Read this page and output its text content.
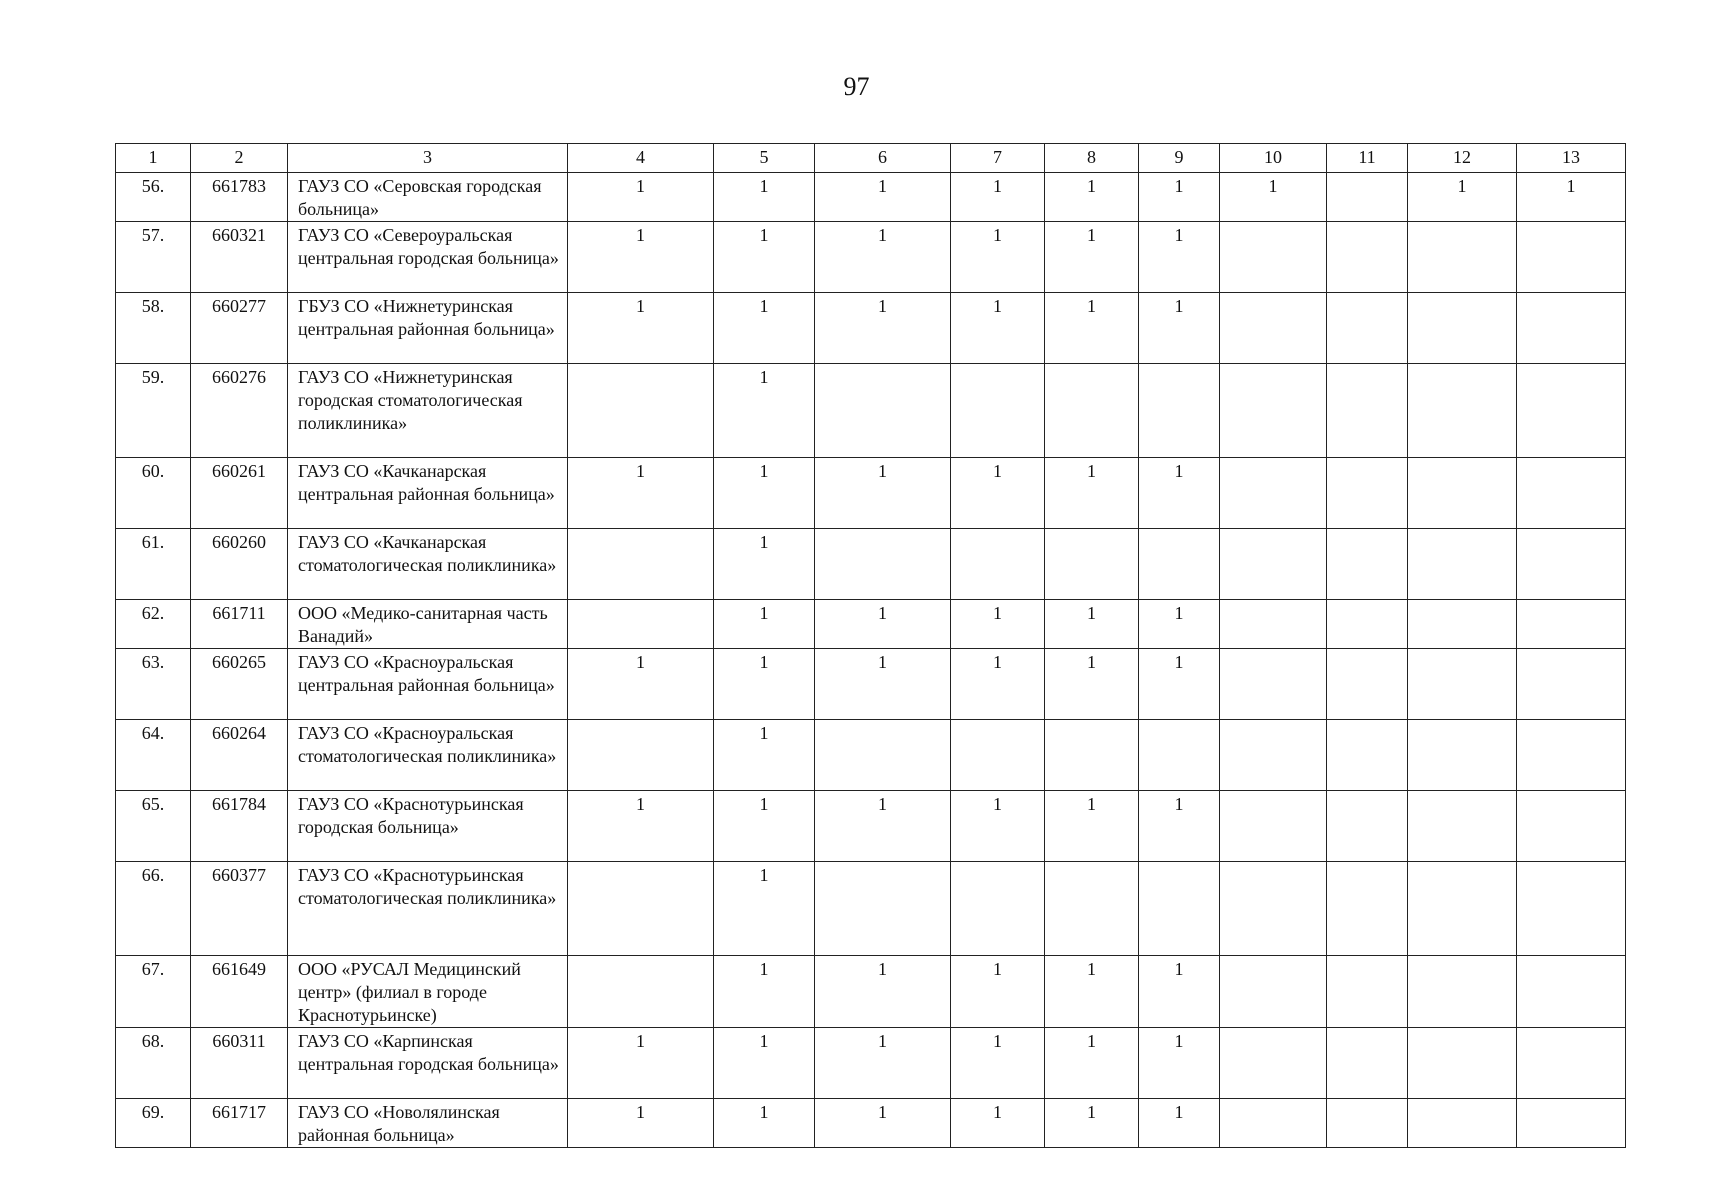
97
1	2	3	4	5	6	7	8	9	10	11	12	13
56.	661783	ГАУЗ СО «Серовская городская больница»	1	1	1	1	1	1	1		1	1
57.	660321	ГАУЗ СО «Североуральская центральная городская больница»	1	1	1	1	1	1				
58.	660277	ГБУЗ СО «Нижнетуринская центральная районная больница»	1	1	1	1	1	1				
59.	660276	ГАУЗ СО «Нижнетуринская городская стоматологическая поликлиника»		1								
60.	660261	ГАУЗ СО «Качканарская центральная районная больница»	1	1	1	1	1	1				
61.	660260	ГАУЗ СО «Качканарская стоматологическая поликлиника»		1								
62.	661711	ООО «Медико-санитарная часть Ванадий»		1	1	1	1	1				
63.	660265	ГАУЗ СО «Красноуральская центральная районная больница»	1	1	1	1	1	1				
64.	660264	ГАУЗ СО «Красноуральская стоматологическая поликлиника»		1								
65.	661784	ГАУЗ СО «Краснотурьинская городская больница»	1	1	1	1	1	1				
66.	660377	ГАУЗ СО «Краснотурьинская стоматологическая поликлиника»		1								
67.	661649	ООО «РУСАЛ Медицинский центр» (филиал в городе Краснотурьинске)		1	1	1	1	1				
68.	660311	ГАУЗ СО «Карпинская центральная городская больница»	1	1	1	1	1	1				
69.	661717	ГАУЗ СО «Новолялинская районная больница»	1	1	1	1	1	1				
